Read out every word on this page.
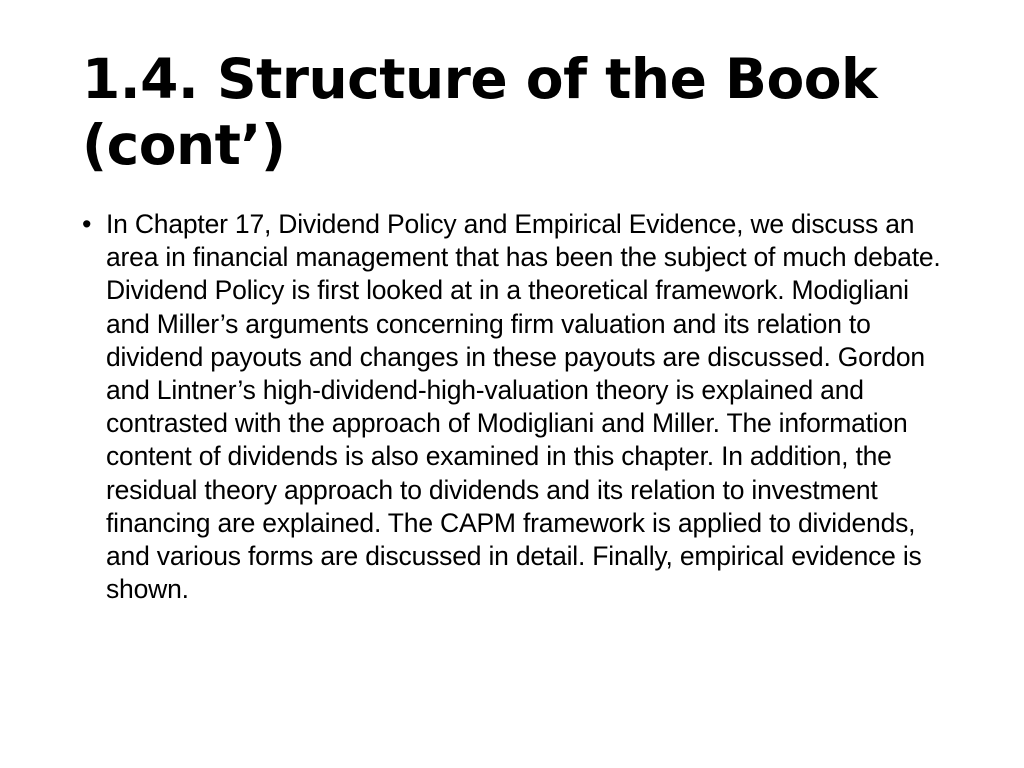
1.4. Structure of the Book (cont’)
• In Chapter 17, Dividend Policy and Empirical Evidence, we discuss an area in financial management that has been the subject of much debate. Dividend Policy is first looked at in a theoretical framework. Modigliani and Miller’s arguments concerning firm valuation and its relation to dividend payouts and changes in these payouts are discussed. Gordon and Lintner’s high-dividend-high-valuation theory is explained and contrasted with the approach of Modigliani and Miller. The information content of dividends is also examined in this chapter. In addition, the residual theory approach to dividends and its relation to investment financing are explained. The CAPM framework is applied to dividends, and various forms are discussed in detail. Finally, empirical evidence is shown.
